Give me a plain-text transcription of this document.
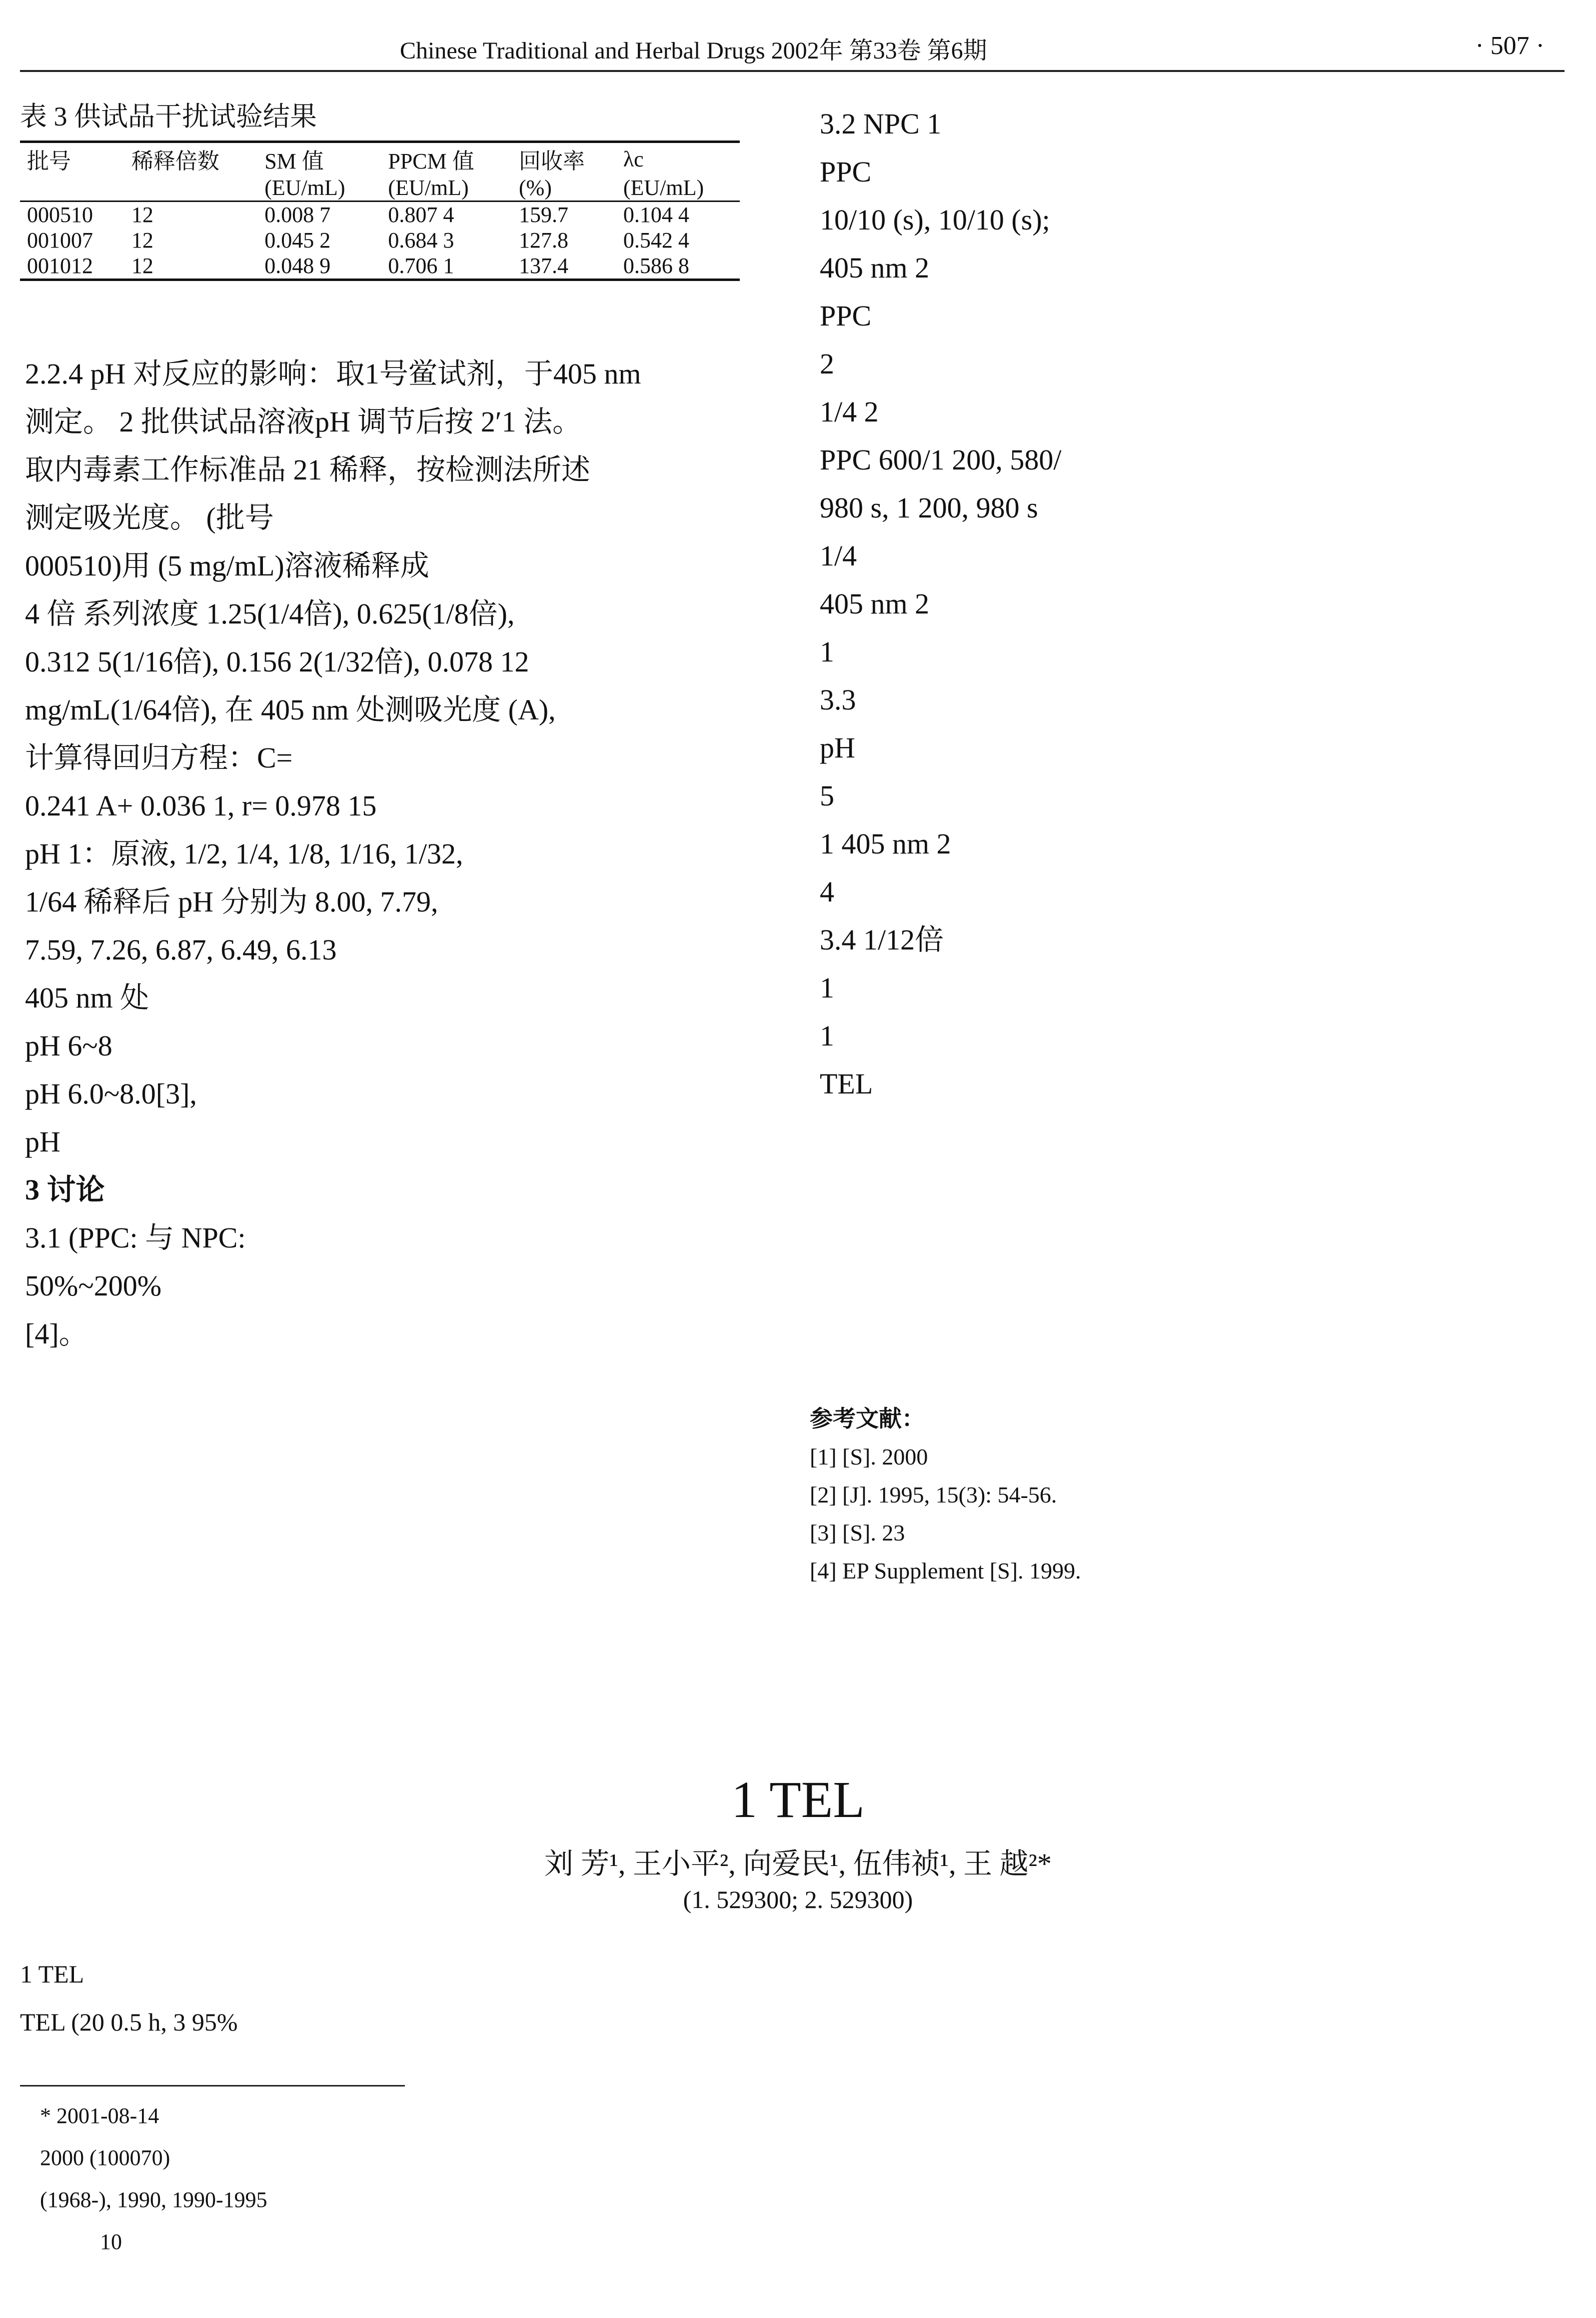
Chinese Traditional and Herbal Drugs 2002年 第33卷 第6期	· 507 ·
表 3 供试品干扰试验结果
批号	稀释倍数	SM 值	PPCM 值	回收率	λc
		(EU/mL)	(EU/mL)	(%)	(EU/mL)
000510	12	0.008 7	0.807 4	159.7	0.104 4
001007	12	0.045 2	0.684 3	127.8	0.542 4
001012	12	0.048 9	0.706 1	137.4	0.586 8

2.2.4 pH 对反应的影响：取1号鲎试剂，于405 nm

测定。 2 批供试品溶液pH 调节后按 2′1 法。

取内毒素工作标准品 21 稀释，按检测法所述

测定吸光度。 (批号

000510)用 (5 mg/mL)溶液稀释成

4 倍 系列浓度 1.25(1/4倍), 0.625(1/8倍),

0.312 5(1/16倍), 0.156 2(1/32倍), 0.078 12

mg/mL(1/64倍), 在 405 nm 处测吸光度 (A),

计算得回归方程：C=

0.241 A+ 0.036 1, r= 0.978 15

pH 1：原液, 1/2, 1/4, 1/8, 1/16, 1/32,

1/64 稀释后 pH 分别为 8.00, 7.79,

7.59, 7.26, 6.87, 6.49, 6.13

405 nm 处

pH 6~8

pH 6.0~8.0[3],

pH

3 讨论

3.1 (PPC: 与 NPC:

50%~200%

[4]。

3.2 NPC 1

PPC

10/10 (s), 10/10 (s);

405 nm 2

PPC

2

1/4 2

PPC 600/1 200, 580/

980 s, 1 200, 980 s

1/4

405 nm 2

1

3.3

pH

5

1 405 nm 2

4

3.4 1/12倍

1

1

TEL

参考文献：

[1] [S]. 2000

[2] [J]. 1995, 15(3): 54-56.

[3] [S]. 23

[4] EP Supplement [S]. 1999.

1 TEL
刘 芳¹, 王小平², 向爱民¹, 伍伟祯¹, 王 越²*
(1. 529300; 2. 529300)

1 TEL

TEL (20 0.5 h, 3 95%

* 2001-08-14

2000 (100070)

(1968-), 1990, 1990-1995

10
